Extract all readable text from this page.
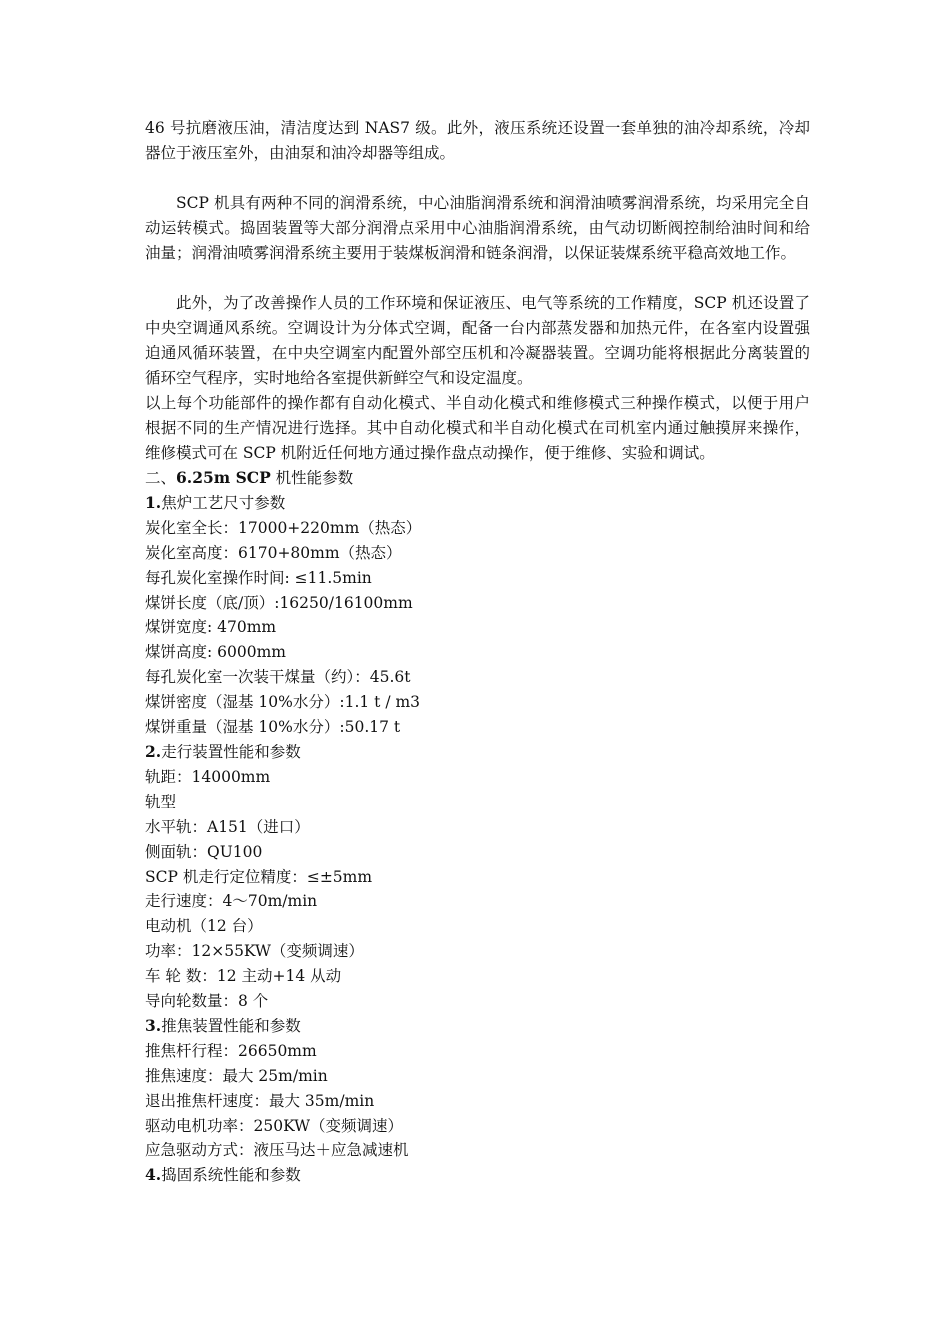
46 号抗磨液压油，清洁度达到 NAS7 级。此外，液压系统还设置一套单独的油冷却系统，冷却器位于液压室外，由油泵和油冷却器等组成。

SCP 机具有两种不同的润滑系统，中心油脂润滑系统和润滑油喷雾润滑系统，均采用完全自动运转模式。捣固装置等大部分润滑点采用中心油脂润滑系统，由气动切断阀控制给油时间和给油量；润滑油喷雾润滑系统主要用于装煤板润滑和链条润滑，以保证装煤系统平稳高效地工作。

此外，为了改善操作人员的工作环境和保证液压、电气等系统的工作精度，SCP 机还设置了中央空调通风系统。空调设计为分体式空调，配备一台内部蒸发器和加热元件，在各室内设置强迫通风循环装置，在中央空调室内配置外部空压机和冷凝器装置。空调功能将根据此分离装置的循环空气程序，实时地给各室提供新鲜空气和设定温度。

以上每个功能部件的操作都有自动化模式、半自动化模式和维修模式三种操作模式，以便于用户根据不同的生产情况进行选择。其中自动化模式和半自动化模式在司机室内通过触摸屏来操作，维修模式可在 SCP 机附近任何地方通过操作盘点动操作，便于维修、实验和调试。

二、6.25m SCP 机性能参数

1.焦炉工艺尺寸参数

炭化室全长：17000+220mm（热态）

炭化室高度：6170+80mm（热态）

每孔炭化室操作时间: ≤11.5min

煤饼长度（底/顶）:16250/16100mm

煤饼宽度: 470mm

煤饼高度: 6000mm

每孔炭化室一次装干煤量（约）：45.6t

煤饼密度（湿基 10%水分）:1.1 t / m3

煤饼重量（湿基 10%水分）:50.17 t

2.走行装置性能和参数

轨距：14000mm

轨型

水平轨：A151（进口）

侧面轨：QU100

SCP 机走行定位精度：≤±5mm

走行速度：4～70m/min

电动机（12 台）

功率：12×55KW（变频调速）

车 轮 数：12 主动+14 从动

导向轮数量：8 个

3.推焦装置性能和参数

推焦杆行程：26650mm

推焦速度：最大 25m/min

退出推焦杆速度：最大 35m/min

驱动电机功率：250KW（变频调速）

应急驱动方式：液压马达＋应急减速机

4.捣固系统性能和参数
